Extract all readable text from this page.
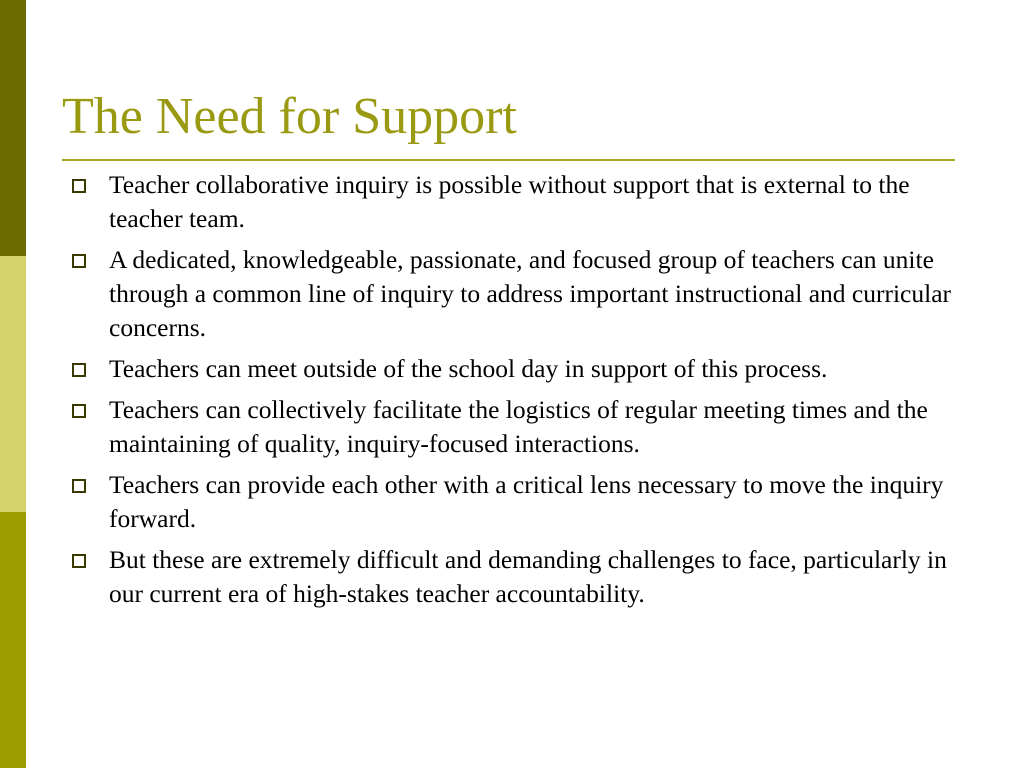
The Need for Support
Teacher collaborative inquiry is possible without support that is external to the teacher team.
A dedicated, knowledgeable, passionate, and focused group of teachers can unite through a common line of inquiry to address important instructional and curricular concerns.
Teachers can meet outside of the school day in support of this process.
Teachers can collectively facilitate the logistics of regular meeting times and the maintaining of quality, inquiry-focused interactions.
Teachers can provide each other with a critical lens necessary to move the inquiry forward.
But these are extremely difficult and demanding challenges to face, particularly in our current era of high-stakes teacher accountability.
